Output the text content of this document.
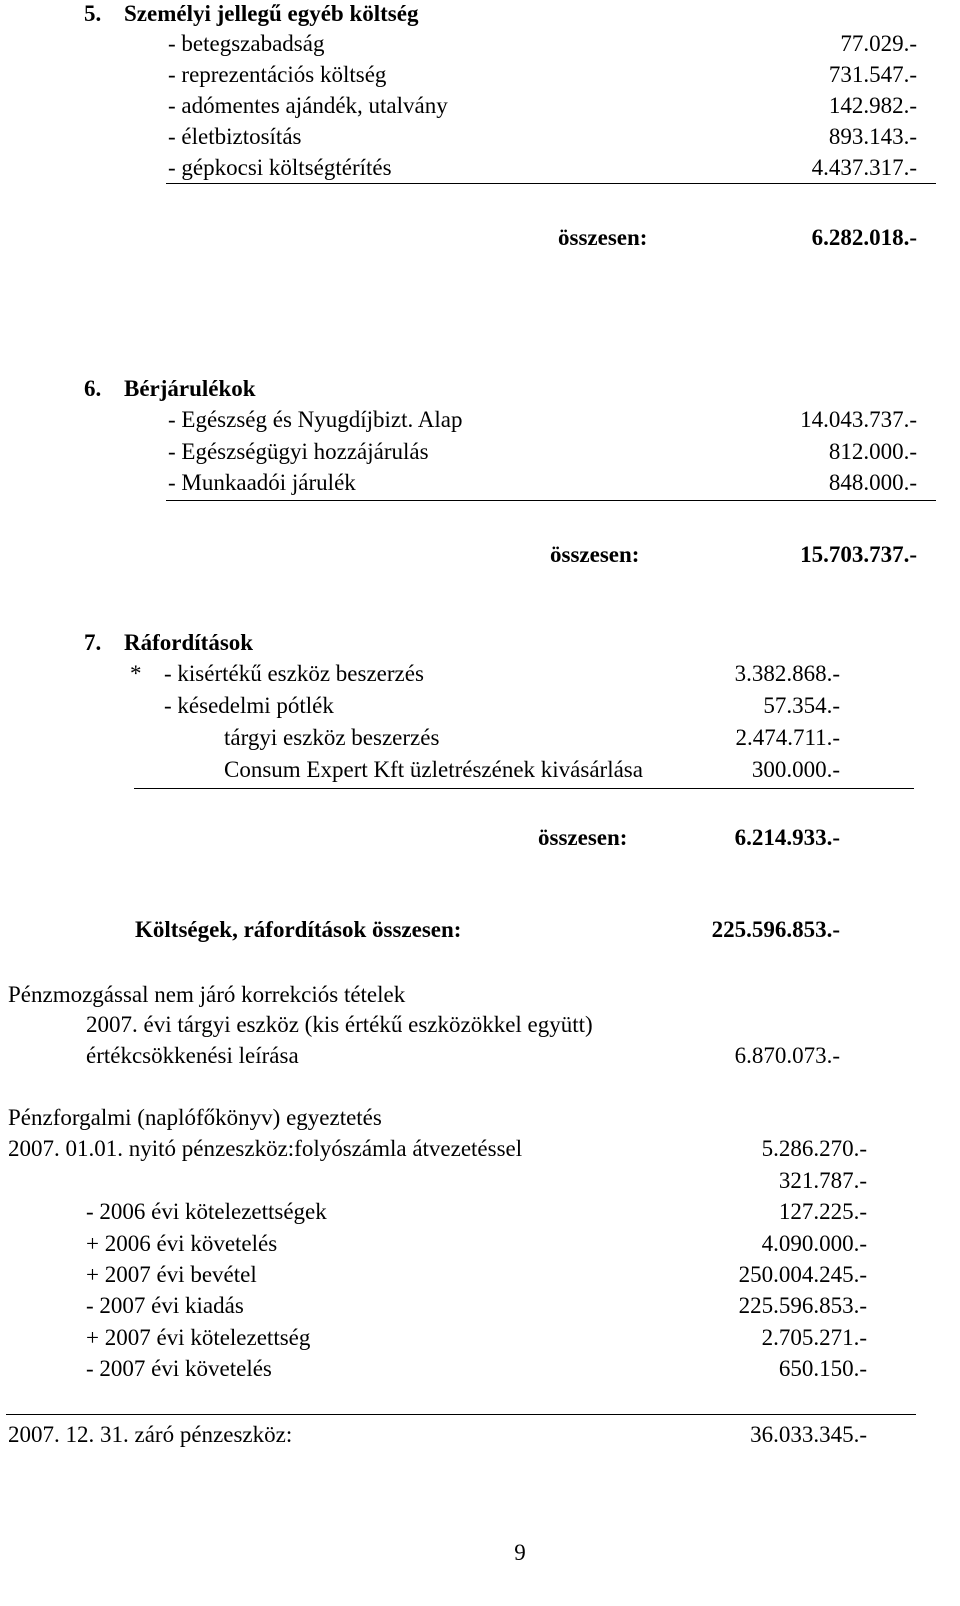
5. Személyi jellegű egyéb költség
- betegszabadság	77.029.-
- reprezentációs költség	731.547.-
- adómentes ajándék, utalvány	142.982.-
- életbiztosítás	893.143.-
- gépkocsi költségtérítés	4.437.317.-
összesen:	6.282.018.-
6. Bérjárulékok
- Egészség és Nyugdíjbizt. Alap	14.043.737.-
- Egészségügyi hozzájárulás	812.000.-
- Munkaadói járulék	848.000.-
összesen:	15.703.737.-
7. Ráfordítások
* - kisértékű eszköz beszerzés	3.382.868.-
- késedelmi pótlék	57.354.-
tárgyi eszköz beszerzés	2.474.711.-
Consum Expert Kft üzletrészének kivásárlása	300.000.-
összesen:	6.214.933.-
Költségek, ráfordítások összesen:	225.596.853.-
Pénzmozgással nem járó korrekciós tételek
2007. évi tárgyi eszköz (kis értékű eszközökkel együtt)
értékcsökkenési leírása	6.870.073.-
Pénzforgalmi (naplófőkönyv) egyeztetés
2007. 01.01. nyitó pénzeszköz:folyószámla átvezetéssel	5.286.270.-
321.787.-
- 2006 évi kötelezettségek	127.225.-
+ 2006 évi követelés	4.090.000.-
+ 2007 évi bevétel	250.004.245.-
- 2007 évi kiadás	225.596.853.-
+ 2007 évi kötelezettség	2.705.271.-
- 2007 évi követelés	650.150.-
2007. 12. 31. záró pénzeszköz:	36.033.345.-
9
